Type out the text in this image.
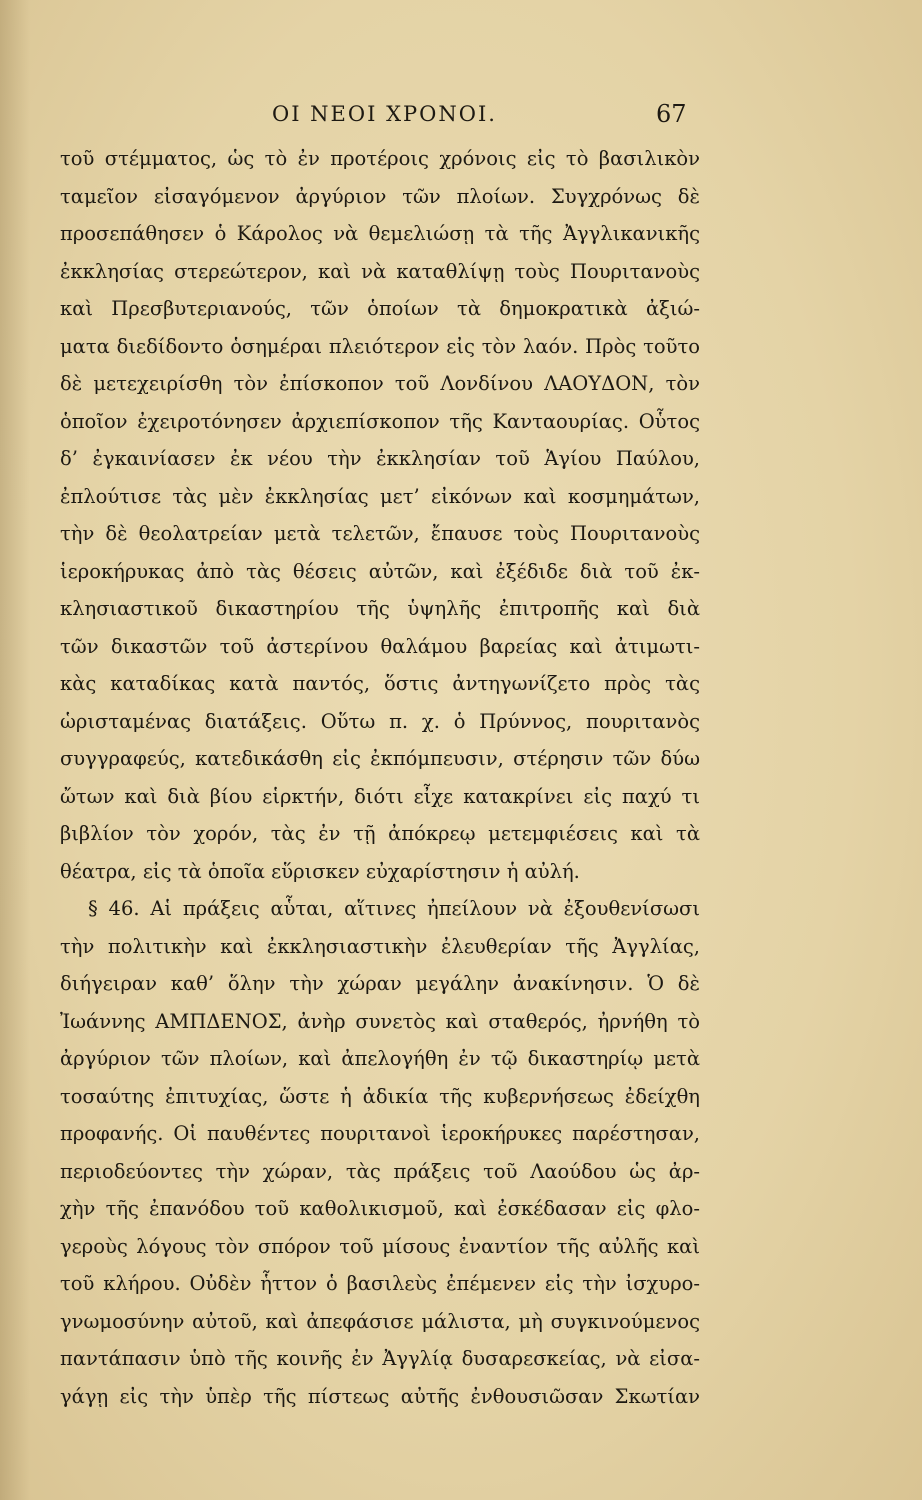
ΟΙ ΝΕΟΙ ΧΡΟΝΟΙ.	67
τοῦ στέμματος, ὡς τὸ ἐν προτέροις χρόνοις εἰς τὸ βασιλικὸν
ταμεῖον εἰσαγόμενον ἀργύριον τῶν πλοίων. Συγχρόνως δὲ
προσεπάθησεν ὁ Κάρολος νὰ θεμελιώσῃ τὰ τῆς Ἀγγλικανικῆς
ἐκκλησίας στερεώτερον, καὶ νὰ καταθλίψῃ τοὺς Πουριτανοὺς
καὶ Πρεσβυτεριανούς, τῶν ὁποίων τὰ δημοκρατικὰ ἀξιώ-
ματα διεδίδοντο ὁσημέραι πλειότερον εἰς τὸν λαόν. Πρὸς τοῦτο
δὲ μετεχειρίσθη τὸν ἐπίσκοπον τοῦ Λονδίνου ΛΑΟΥΔΟΝ, τὸν
ὁποῖον ἐχειροτόνησεν ἀρχιεπίσκοπον τῆς Κανταουρίας. Οὗτος
δ’ ἐγκαινίασεν ἐκ νέου τὴν ἐκκλησίαν τοῦ Ἁγίου Παύλου,
ἐπλούτισε τὰς μὲν ἐκκλησίας μετ’ εἰκόνων καὶ κοσμημάτων,
τὴν δὲ θεολατρείαν μετὰ τελετῶν, ἔπαυσε τοὺς Πουριτανοὺς
ἱεροκήρυκας ἀπὸ τὰς θέσεις αὐτῶν, καὶ ἐξέδιδε διὰ τοῦ ἐκ-
κλησιαστικοῦ δικαστηρίου τῆς ὑψηλῆς ἐπιτροπῆς καὶ διὰ
τῶν δικαστῶν τοῦ ἀστερίνου θαλάμου βαρείας καὶ ἀτιμωτι-
κὰς καταδίκας κατὰ παντός, ὅστις ἀντηγωνίζετο πρὸς τὰς
ὡρισταμένας διατάξεις. Οὕτω π. χ. ὁ Πρύννος, πουριτανὸς
συγγραφεύς, κατεδικάσθη εἰς ἐκπόμπευσιν, στέρησιν τῶν δύω
ὤτων καὶ διὰ βίου εἱρκτήν, διότι εἶχε κατακρίνει εἰς παχύ τι
βιβλίον τὸν χορόν, τὰς ἐν τῇ ἀπόκρεῳ μετεμφιέσεις καὶ τὰ
θέατρα, εἰς τὰ ὁποῖα εὕρισκεν εὐχαρίστησιν ἡ αὐλή.
§ 46. Αἱ πράξεις αὗται, αἵτινες ἠπείλουν νὰ ἐξουθενίσωσι
τὴν πολιτικὴν καὶ ἐκκλησιαστικὴν ἐλευθερίαν τῆς Ἀγγλίας,
διήγειραν καθ’ ὅλην τὴν χώραν μεγάλην ἀνακίνησιν. Ὁ δὲ
Ἰωάννης ΑΜΠΔΕΝΟΣ, ἀνὴρ συνετὸς καὶ σταθερός, ἠρνήθη τὸ
ἀργύριον τῶν πλοίων, καὶ ἀπελογήθη ἐν τῷ δικαστηρίῳ μετὰ
τοσαύτης ἐπιτυχίας, ὥστε ἡ ἀδικία τῆς κυβερνήσεως ἐδείχθη
προφανής. Οἱ παυθέντες πουριτανοὶ ἱεροκήρυκες παρέστησαν,
περιοδεύοντες τὴν χώραν, τὰς πράξεις τοῦ Λαούδου ὡς ἀρ-
χὴν τῆς ἐπανόδου τοῦ καθολικισμοῦ, καὶ ἐσκέδασαν εἰς φλο-
γεροὺς λόγους τὸν σπόρον τοῦ μίσους ἐναντίον τῆς αὐλῆς καὶ
τοῦ κλήρου. Οὐδὲν ἧττον ὁ βασιλεὺς ἐπέμενεν εἰς τὴν ἰσχυρο-
γνωμοσύνην αὐτοῦ, καὶ ἀπεφάσισε μάλιστα, μὴ συγκινούμενος
παντάπασιν ὑπὸ τῆς κοινῆς ἐν Ἀγγλίᾳ δυσαρεσκείας, νὰ εἰσα-
γάγῃ εἰς τὴν ὑπὲρ τῆς πίστεως αὐτῆς ἐνθουσιῶσαν Σκωτίαν
